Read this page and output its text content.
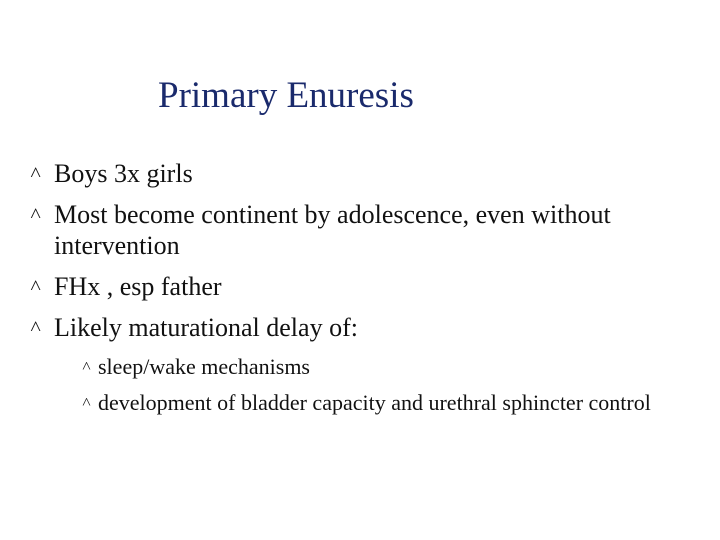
Primary Enuresis
˄ Boys 3x girls
˄ Most become continent by adolescence, even without intervention
˄ FHx , esp father
˄ Likely maturational delay of:
˄ sleep/wake mechanisms
˄ development of bladder capacity and urethral sphincter control
